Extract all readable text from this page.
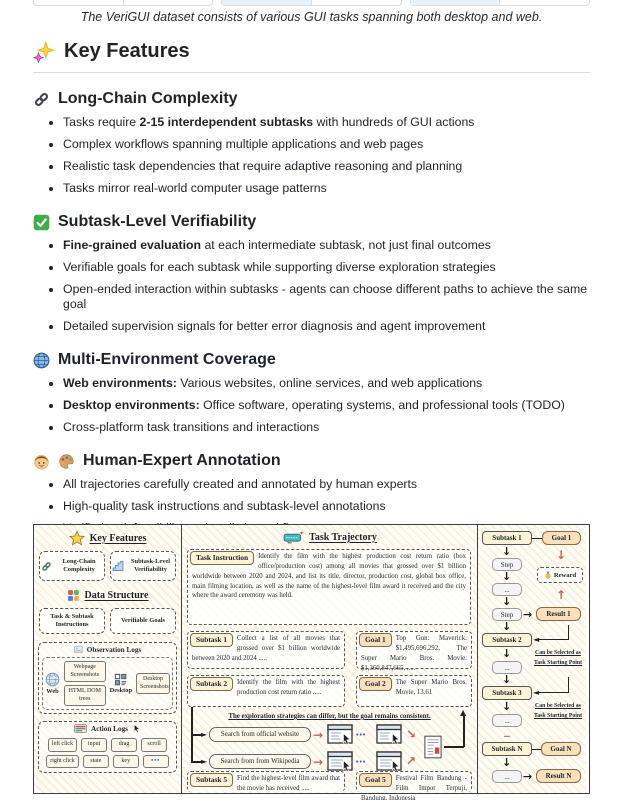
The VeriGUI dataset consists of various GUI tasks spanning both desktop and web.

Key Features
Long-Chain Complexity
• Tasks require 2-15 interdependent subtasks with hundreds of GUI actions
• Complex workflows spanning multiple applications and web pages
• Realistic task dependencies that require adaptive reasoning and planning
• Tasks mirror real-world computer usage patterns
Subtask-Level Verifiability
• Fine-grained evaluation at each intermediate subtask, not just final outcomes
• Verifiable goals for each subtask while supporting diverse exploration strategies
• Open-ended interaction within subtasks - agents can choose different paths to achieve the same goal
• Detailed supervision signals for better error diagnosis and agent improvement
Multi-Environment Coverage
• Web environments: Various websites, online services, and web applications
• Desktop environments: Office software, operating systems, and professional tools (TODO)
• Cross-platform task transitions and interactions
Human-Expert Annotation
• All trajectories carefully created and annotated by human experts
• High-quality task instructions and subtask-level annotations
•
Key Features
Long-Chain Complexity
Subtask-Level Verifiability
Data Structure
Task & Subtask Instructions
Verifiable Goals
Observation Logs
Web
Webpage Screenshots
HTML DOM trees
Desktop
Desktop Screenshots
Action Logs
left click	input	drag	scroll
right click	state	key	•••
Task Trajectory
Task Instruction	Identify the film with the highest production cost return ratio (box office/production cost) among all movies that grossed over $1 billion worldwide between 2020 and 2024, and list its title, director, production cost, global box office, main filming location, as well as the name of the highest-level film award it received and the city where the award ceremony was held.
Subtask 1	Collect a list of all movies that grossed over $1 billion worldwide between 2020 and 2024 .....
Goal 1	Top Gun: Maverick: $1,495,696,292, The Super Mario Bros. Movie: $1,360,847,665, .....
Subtask 2	Identify the film with the highest production cost return ratio .....
Goal 2	The Super Mario Bros. Movie, 13.61
The exploration strategies can differ, but the goal remains consistent.
►
►
Search from official website
Search from from Wikipedia
→
→
•••	↘
•••	↗
▲
Subtask 5	Find the highest-level film award that the movie has received .....
Goal 5	Festival Film Bandung - Film Impor Terpuji, Bandung, Indonesia
Subtask 1	Goal 1
↓
Step
↓
...
↓
Step → Result 1
↓
Reward
↑
↓
Subtask 2 ◄
Can be Selected as
Task Starting Point
↓
...
↓
Subtask 3 ◄
Can be Selected as
Task Starting Point
↓
...
...
Subtask N	Goal N
↓
... → Result N
